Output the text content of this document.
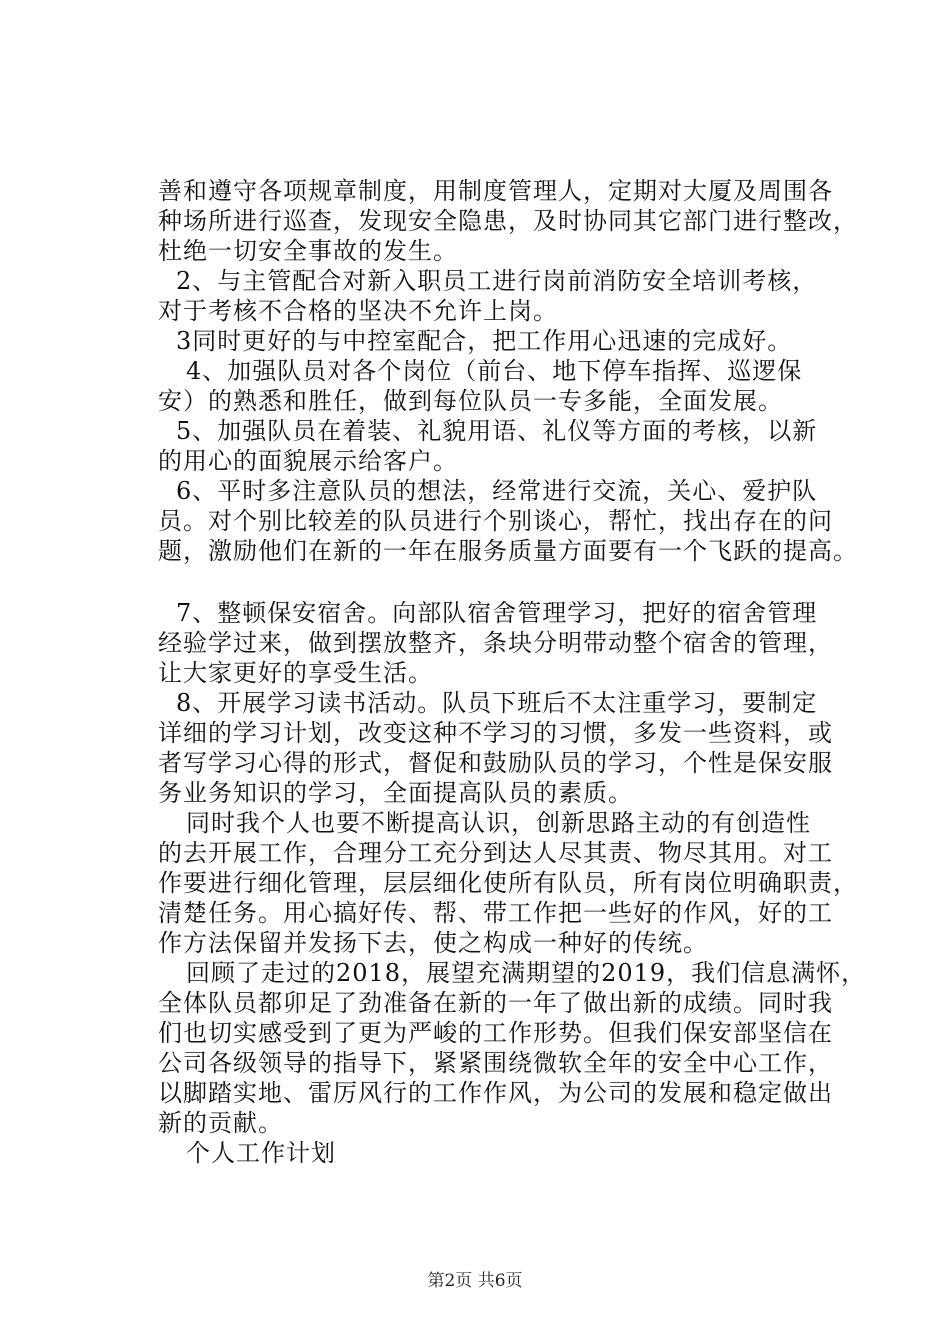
善和遵守各项规章制度，用制度管理人，定期对大厦及周围各
种场所进行巡查，发现安全隐患，及时协同其它部门进行整改，
杜绝一切安全事故的发生。
2、与主管配合对新入职员工进行岗前消防安全培训考核，
对于考核不合格的坚决不允许上岗。
3同时更好的与中控室配合，把工作用心迅速的完成好。
4、加强队员对各个岗位（前台、地下停车指挥、巡逻保
安）的熟悉和胜任，做到每位队员一专多能，全面发展。
5、加强队员在着装、礼貌用语、礼仪等方面的考核，以新
的用心的面貌展示给客户。
6、平时多注意队员的想法，经常进行交流，关心、爱护队
员。对个别比较差的队员进行个别谈心，帮忙，找出存在的问
题，激励他们在新的一年在服务质量方面要有一个飞跃的提高。
7、整顿保安宿舍。向部队宿舍管理学习，把好的宿舍管理
经验学过来，做到摆放整齐，条块分明带动整个宿舍的管理，
让大家更好的享受生活。
8、开展学习读书活动。队员下班后不太注重学习，要制定
详细的学习计划，改变这种不学习的习惯，多发一些资料，或
者写学习心得的形式，督促和鼓励队员的学习，个性是保安服
务业务知识的学习，全面提高队员的素质。
同时我个人也要不断提高认识，创新思路主动的有创造性
的去开展工作，合理分工充分到达人尽其责、物尽其用。对工
作要进行细化管理，层层细化使所有队员，所有岗位明确职责，
清楚任务。用心搞好传、帮、带工作把一些好的作风，好的工
作方法保留并发扬下去，使之构成一种好的传统。
回顾了走过的2018，展望充满期望的2019，我们信息满怀，
全体队员都卯足了劲准备在新的一年了做出新的成绩。同时我
们也切实感受到了更为严峻的工作形势。但我们保安部坚信在
公司各级领导的指导下，紧紧围绕微软全年的安全中心工作，
以脚踏实地、雷厉风行的工作作风，为公司的发展和稳定做出
新的贡献。
个人工作计划
第2页 共6页
